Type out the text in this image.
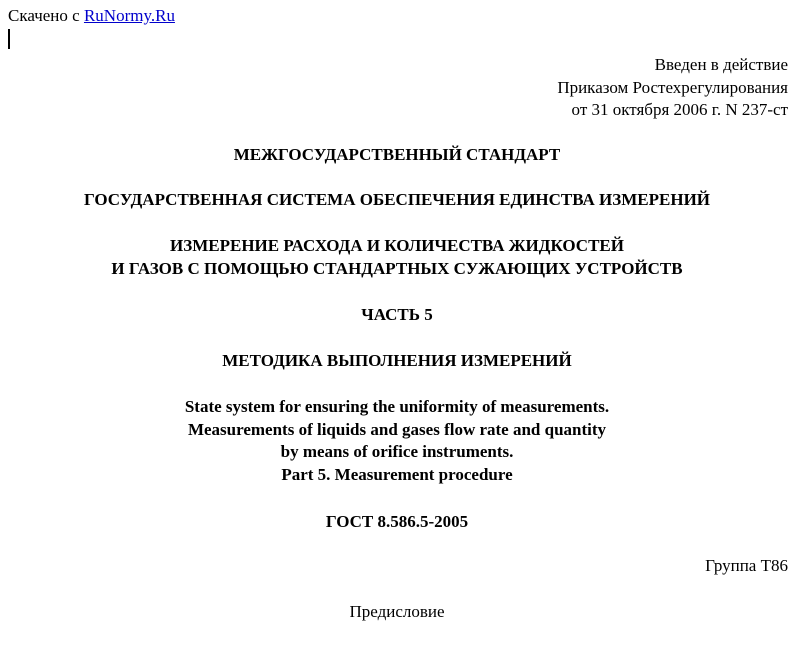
Скачено с RuNormy.Ru
Введен в действие
Приказом Ростехрегулирования
от 31 октября 2006 г. N 237-ст
МЕЖГОСУДАРСТВЕННЫЙ СТАНДАРТ
ГОСУДАРСТВЕННАЯ СИСТЕМА ОБЕСПЕЧЕНИЯ ЕДИНСТВА ИЗМЕРЕНИЙ
ИЗМЕРЕНИЕ РАСХОДА И КОЛИЧЕСТВА ЖИДКОСТЕЙ
И ГАЗОВ С ПОМОЩЬЮ СТАНДАРТНЫХ СУЖАЮЩИХ УСТРОЙСТВ
ЧАСТЬ 5
МЕТОДИКА ВЫПОЛНЕНИЯ ИЗМЕРЕНИЙ
State system for ensuring the uniformity of measurements.
Measurements of liquids and gases flow rate and quantity
by means of orifice instruments.
Part 5. Measurement procedure
ГОСТ 8.586.5-2005
Группа Т86
Предисловие
